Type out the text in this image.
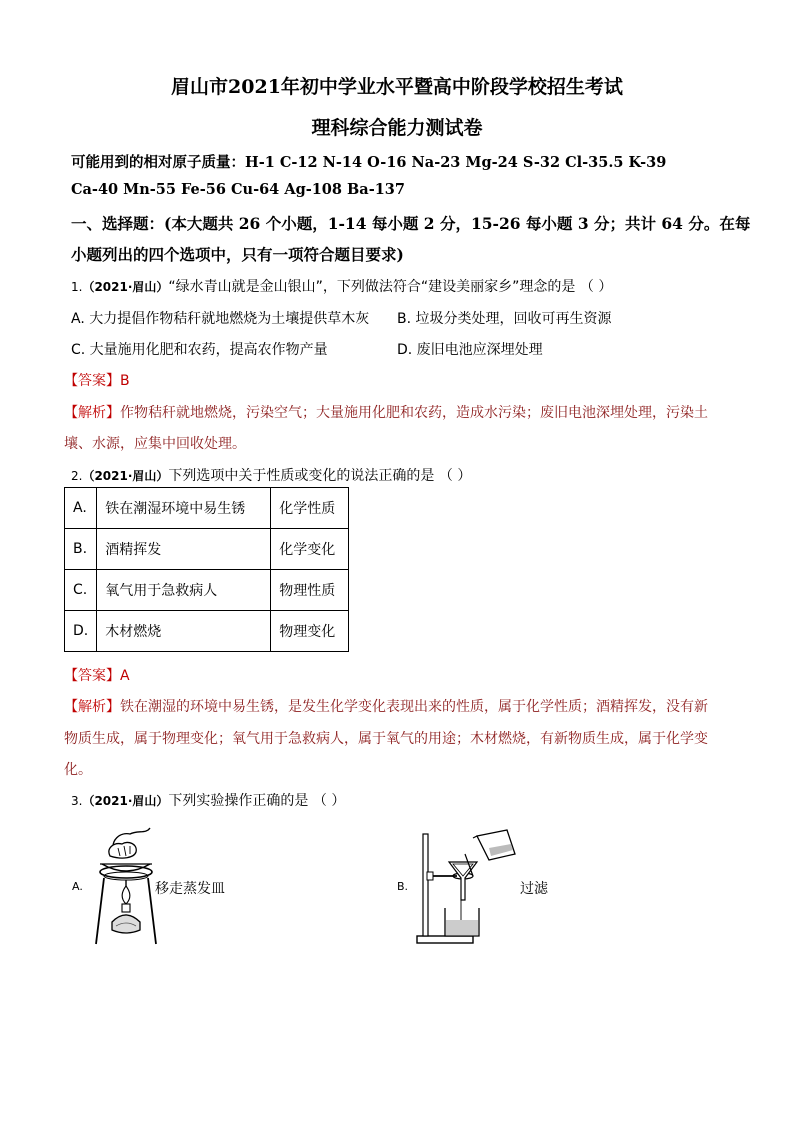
眉山市2021年初中学业水平暨高中阶段学校招生考试
理科综合能力测试卷
可能用到的相对原子质量：H-1 C-12 N-14 O-16 Na-23 Mg-24 S-32 Cl-35.5 K-39
Ca-40 Mn-55 Fe-56 Cu-64 Ag-108 Ba-137
一、选择题：(本大题共 26 个小题，1-14 每小题 2 分，15-26 每小题 3 分；共计 64 分。在每
小题列出的四个选项中，只有一项符合题目要求)
1.（2021·眉山）“绿水青山就是金山银山”，下列做法符合“建设美丽家乡”理念的是 （ ）
A. 大力提倡作物秸秆就地燃烧为土壤提供草木灰 B. 垃圾分类处理，回收可再生资源
C. 大量施用化肥和农药，提高农作物产量	D. 废旧电池应深埋处理
【答案】B
【解析】作物秸秆就地燃烧，污染空气；大量施用化肥和农药，造成水污染；废旧电池深埋处理，污染土
壤、水源，应集中回收处理。
2.（2021·眉山）下列选项中关于性质或变化的说法正确的是 （ ）
A.	铁在潮湿环境中易生锈	化学性质
B.	酒精挥发	化学变化
C.	氧气用于急救病人	物理性质
D.	木材燃烧	物理变化
【答案】A
【解析】铁在潮湿的环境中易生锈，是发生化学变化表现出来的性质，属于化学性质；酒精挥发，没有新
物质生成，属于物理变化；氧气用于急救病人，属于氧气的用途；木材燃烧，有新物质生成，属于化学变
化。
3.（2021·眉山）下列实验操作正确的是 （ ）
A.	移走蒸发皿	B.	过滤
